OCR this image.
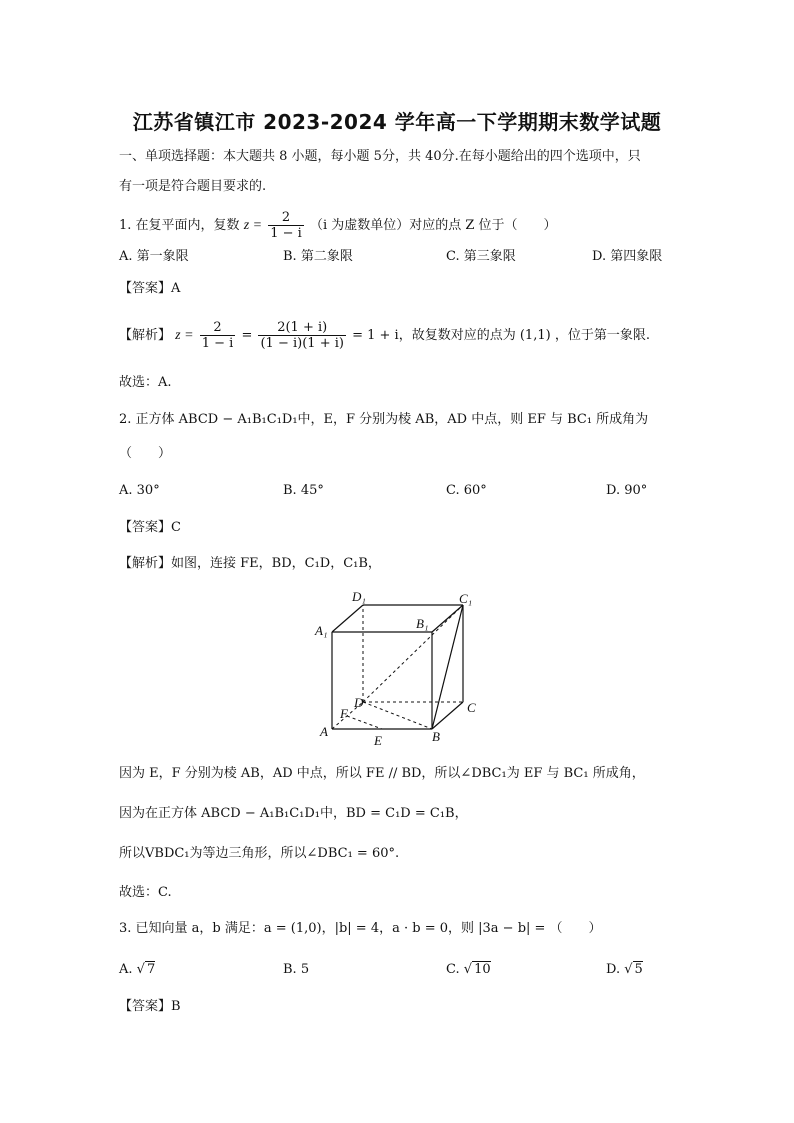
江苏省镇江市 2023-2024 学年高一下学期期末数学试题
一、单项选择题：本大题共 8 小题，每小题 5分，共 40分.在每小题给出的四个选项中，只
有一项是符合题目要求的.
1. 在复平面内，复数 $z = \frac{2}{1 - i} (i$ 为虚数单位）对应的点 Z 位于（　　）
A. 第一象限	B. 第二象限	C. 第三象限	D. 第四象限
【答案】A
【解析】 $z = \frac{2}{1 - i} = \frac{2(1 + i)}{(1 - i)(1 + i)} = 1 + i$，故复数对应的点为 (1,1) ，位于第一象限.
故选：A.
2. 正方体 ABCD − A₁B₁C₁D₁中，E，F 分别为棱 AB，AD 中点，则 EF 与 BC₁ 所成角为
（　　）
A. 30°	B. 45°	C. 60°	D. 90°
【答案】C
【解析】如图，连接 FE，BD，C₁D，C₁B，
D₁	C₁
A₁	B₁
D	C
F
A
E	B
因为 E，F 分别为棱 AB，AD 中点，所以 FE // BD，所以∠DBC₁为 EF 与 BC₁ 所成角，
因为在正方体 ABCD − A₁B₁C₁D₁中，BD = C₁D = C₁B，
所以VBDC₁为等边三角形，所以∠DBC₁ = 60°.
故选：C.
3. 已知向量 a，b 满足：a = (1,0)，|b| = 4，a · b = 0，则 |3a − b| = （　　）
A. √ 7	B. 5	C. √ 10	D. √ 5
【答案】B
